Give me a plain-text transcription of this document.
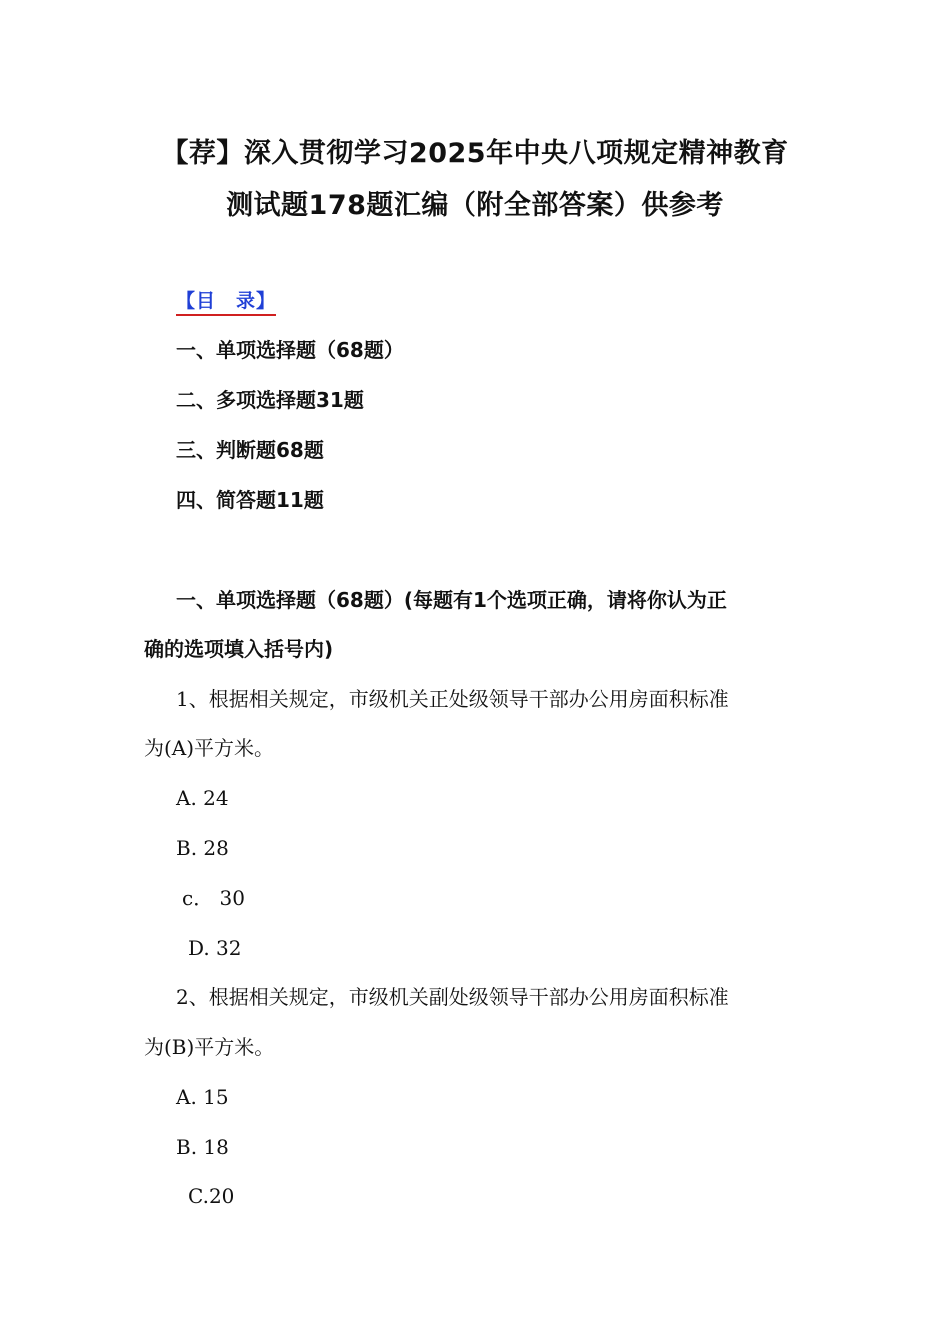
【荐】深入贯彻学习2025年中央八项规定精神教育
测试题178题汇编（附全部答案）供参考
【目　录】
一、单项选择题（68题）
二、多项选择题31题
三、判断题68题
四、简答题11题
一、单项选择题（68题）(每题有1个选项正确，请将你认为正
确的选项填入括号内)
1、根据相关规定，市级机关正处级领导干部办公用房面积标准
为(A)平方米。
A. 24
B. 28
c． 30
D. 32
2、根据相关规定，市级机关副处级领导干部办公用房面积标准
为(B)平方米。
A. 15
B. 18
C.20
